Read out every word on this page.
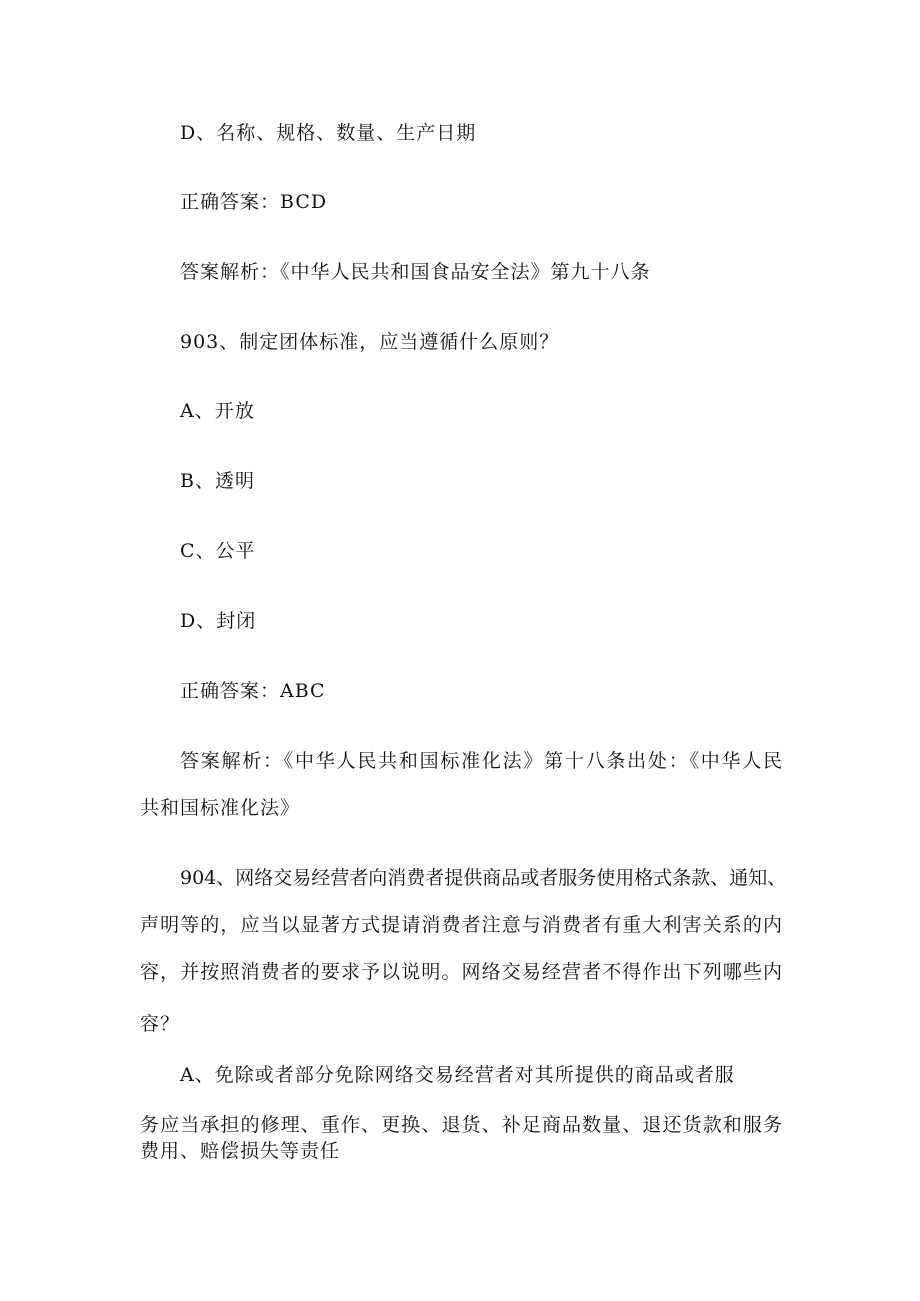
D、名称、规格、数量、生产日期
正确答案：BCD
答案解析：《中华人民共和国食品安全法》第九十八条
903、制定团体标准，应当遵循什么原则？
A、开放
B、透明
C、公平
D、封闭
正确答案：ABC
答案解析：《中华人民共和国标准化法》第十八条出处：《中华人民
共和国标准化法》
904、网络交易经营者向消费者提供商品或者服务使用格式条款、通知、
声明等的，应当以显著方式提请消费者注意与消费者有重大利害关系的内
容，并按照消费者的要求予以说明。网络交易经营者不得作出下列哪些内
容？
A、免除或者部分免除网络交易经营者对其所提供的商品或者服
务应当承担的修理、重作、更换、退货、补足商品数量、退还货款和服务
费用、赔偿损失等责任
